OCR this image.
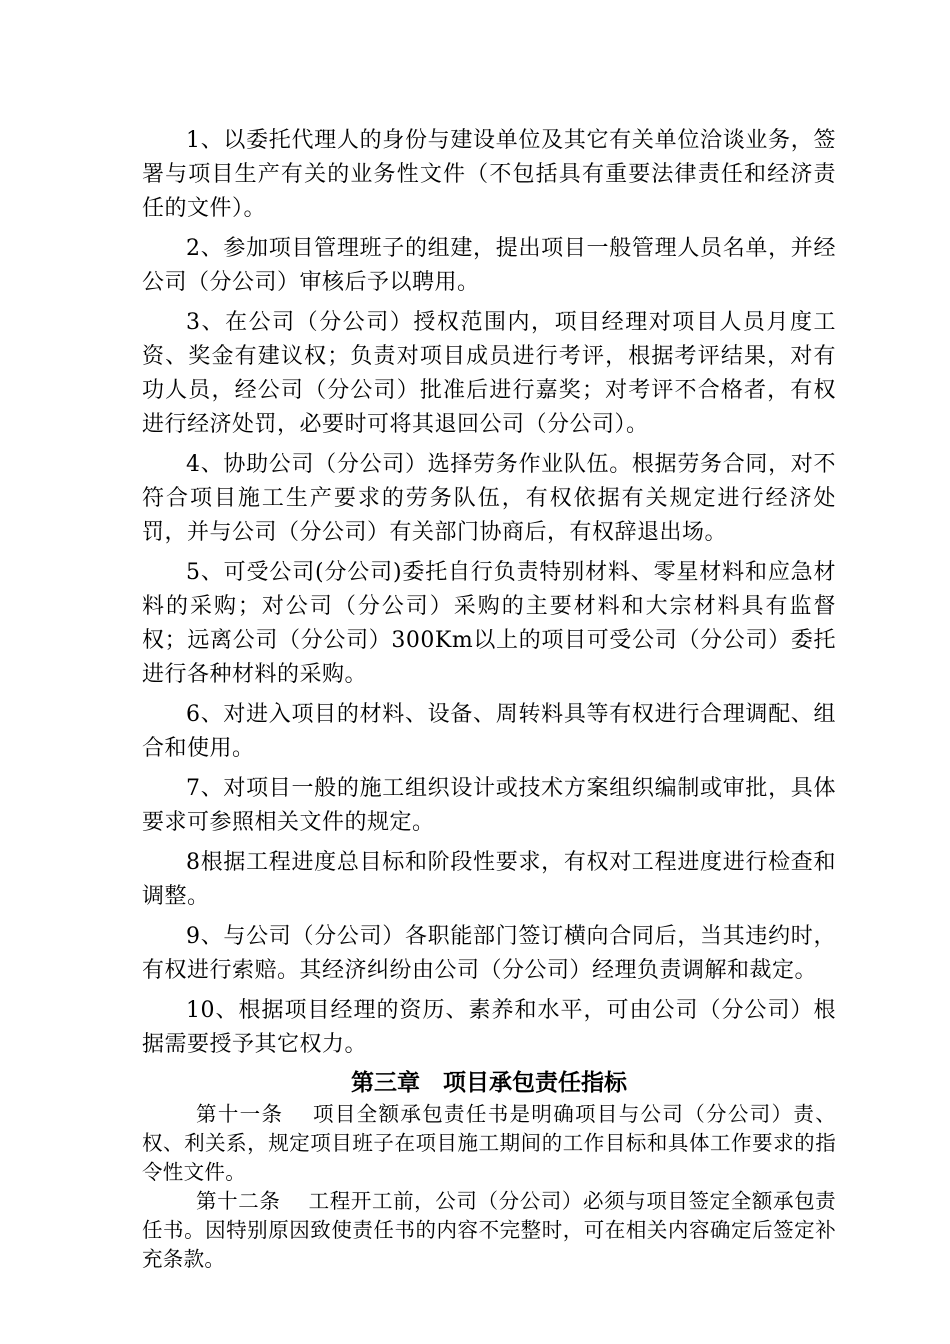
1、以委托代理人的身份与建设单位及其它有关单位洽谈业务，签署与项目生产有关的业务性文件（不包括具有重要法律责任和经济责任的文件）。

2、参加项目管理班子的组建，提出项目一般管理人员名单，并经公司（分公司）审核后予以聘用。

3、在公司（分公司）授权范围内，项目经理对项目人员月度工资、奖金有建议权；负责对项目成员进行考评，根据考评结果，对有功人员，经公司（分公司）批准后进行嘉奖；对考评不合格者，有权进行经济处罚，必要时可将其退回公司（分公司）。

4、协助公司（分公司）选择劳务作业队伍。根据劳务合同，对不符合项目施工生产要求的劳务队伍，有权依据有关规定进行经济处罚，并与公司（分公司）有关部门协商后，有权辞退出场。

5、可受公司(分公司)委托自行负责特别材料、零星材料和应急材料的采购；对公司（分公司）采购的主要材料和大宗材料具有监督权；远离公司（分公司）300Km以上的项目可受公司（分公司）委托进行各种材料的采购。

6、对进入项目的材料、设备、周转料具等有权进行合理调配、组合和使用。

7、对项目一般的施工组织设计或技术方案组织编制或审批，具体要求可参照相关文件的规定。

8根据工程进度总目标和阶段性要求，有权对工程进度进行检查和调整。

9、与公司（分公司）各职能部门签订横向合同后，当其违约时，有权进行索赔。其经济纠纷由公司（分公司）经理负责调解和裁定。

10、根据项目经理的资历、素养和水平，可由公司（分公司）根据需要授予其它权力。

第三章　项目承包责任指标

第十一条　 项目全额承包责任书是明确项目与公司（分公司）责、权、利关系，规定项目班子在项目施工期间的工作目标和具体工作要求的指令性文件。

第十二条　 工程开工前，公司（分公司）必须与项目签定全额承包责任书。因特别原因致使责任书的内容不完整时，可在相关内容确定后签定补充条款。
